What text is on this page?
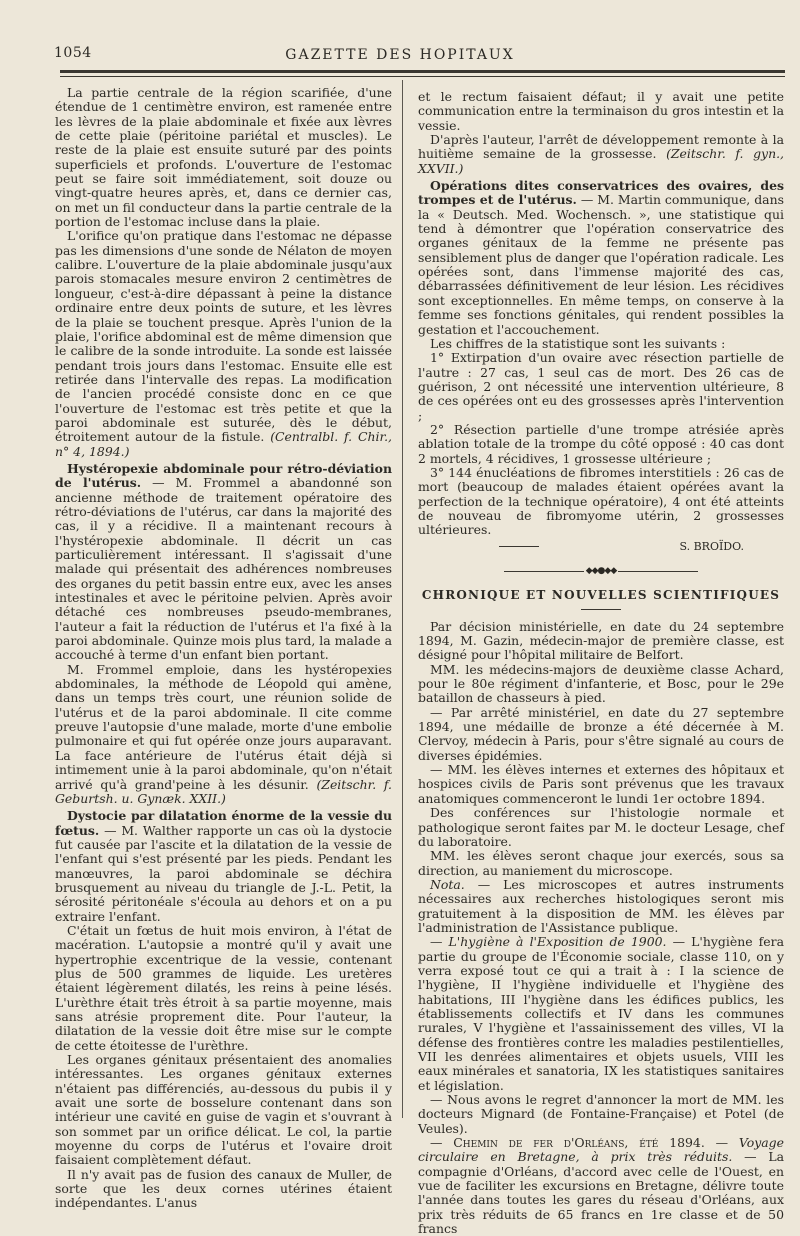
1054	GAZETTE DES HOPITAUX

La partie centrale de la région scarifiée, d'une étendue de 1 centimètre environ, est ramenée entre les lèvres de la plaie abdominale et fixée aux lèvres de cette plaie (péritoine pariétal et muscles). Le reste de la plaie est ensuite suturé par des points superficiels et profonds. L'ouverture de l'estomac peut se faire soit immédiatement, soit douze ou vingt-quatre heures après, et, dans ce dernier cas, on met un fil conducteur dans la partie centrale de la portion de l'estomac incluse dans la plaie.

L'orifice qu'on pratique dans l'estomac ne dépasse pas les dimensions d'une sonde de Nélaton de moyen calibre. L'ouverture de la plaie abdominale jusqu'aux parois stomacales mesure environ 2 centimètres de longueur, c'est-à-dire dépassant à peine la distance ordinaire entre deux points de suture, et les lèvres de la plaie se touchent presque. Après l'union de la plaie, l'orifice abdominal est de même dimension que le calibre de la sonde introduite. La sonde est laissée pendant trois jours dans l'estomac. Ensuite elle est retirée dans l'intervalle des repas. La modification de l'ancien procédé consiste donc en ce que l'ouverture de l'estomac est très petite et que la paroi abdominale est suturée, dès le début, étroitement autour de la fistule. (Centralbl. f. Chir., n° 4, 1894.)

Hystéropexie abdominale pour rétro-déviation de l'utérus. — M. Frommel a abandonné son ancienne méthode de traitement opératoire des rétro-déviations de l'utérus, car dans la majorité des cas, il y a récidive. Il a maintenant recours à l'hystéropexie abdominale. Il décrit un cas particulièrement intéressant. Il s'agissait d'une malade qui présentait des adhérences nombreuses des organes du petit bassin entre eux, avec les anses intestinales et avec le péritoine pelvien. Après avoir détaché ces nombreuses pseudo-membranes, l'auteur a fait la réduction de l'utérus et l'a fixé à la paroi abdominale. Quinze mois plus tard, la malade a accouché à terme d'un enfant bien portant.

M. Frommel emploie, dans les hystéropexies abdominales, la méthode de Léopold qui amène, dans un temps très court, une réunion solide de l'utérus et de la paroi abdominale. Il cite comme preuve l'autopsie d'une malade, morte d'une embolie pulmonaire et qui fut opérée onze jours auparavant. La face antérieure de l'utérus était déjà si intimement unie à la paroi abdominale, qu'on n'était arrivé qu'à grand'peine à les désunir. (Zeitschr. f. Geburtsh. u. Gynæk. XXII.)

Dystocie par dilatation énorme de la vessie du fœtus. — M. Walther rapporte un cas où la dystocie fut causée par l'ascite et la dilatation de la vessie de l'enfant qui s'est présenté par les pieds. Pendant les manœuvres, la paroi abdominale se déchira brusquement au niveau du triangle de J.-L. Petit, la sérosité péritonéale s'écoula au dehors et on a pu extraire l'enfant.

C'était un fœtus de huit mois environ, à l'état de macération. L'autopsie a montré qu'il y avait une hypertrophie excentrique de la vessie, contenant plus de 500 grammes de liquide. Les uretères étaient légèrement dilatés, les reins à peine lésés. L'urèthre était très étroit à sa partie moyenne, mais sans atrésie proprement dite. Pour l'auteur, la dilatation de la vessie doit être mise sur le compte de cette étoitesse de l'urèthre.

Les organes génitaux présentaient des anomalies intéressantes. Les organes génitaux externes n'étaient pas différenciés, au-dessous du pubis il y avait une sorte de bosselure contenant dans son intérieur une cavité en guise de vagin et s'ouvrant à son sommet par un orifice délicat. Le col, la partie moyenne du corps de l'utérus et l'ovaire droit faisaient complètement défaut.

Il n'y avait pas de fusion des canaux de Muller, de sorte que les deux cornes utérines étaient indépendantes. L'anus

et le rectum faisaient défaut; il y avait une petite communication entre la terminaison du gros intestin et la vessie.

D'après l'auteur, l'arrêt de développement remonte à la huitième semaine de la grossesse. (Zeitschr. f. gyn., XXVII.)

Opérations dites conservatrices des ovaires, des trompes et de l'utérus. — M. Martin communique, dans la « Deutsch. Med. Wochensch. », une statistique qui tend à démontrer que l'opération conservatrice des organes génitaux de la femme ne présente pas sensiblement plus de danger que l'opération radicale. Les opérées sont, dans l'immense majorité des cas, débarrassées définitivement de leur lésion. Les récidives sont exceptionnelles. En même temps, on conserve à la femme ses fonctions génitales, qui rendent possibles la gestation et l'accouchement.

Les chiffres de la statistique sont les suivants :

1° Extirpation d'un ovaire avec résection partielle de l'autre : 27 cas, 1 seul cas de mort. Des 26 cas de guérison, 2 ont nécessité une intervention ultérieure, 8 de ces opérées ont eu des grossesses après l'intervention ;

2° Résection partielle d'une trompe atrésiée après ablation totale de la trompe du côté opposé : 40 cas dont 2 mortels, 4 récidives, 1 grossesse ultérieure ;

3° 144 énucléations de fibromes interstitiels : 26 cas de mort (beaucoup de malades étaient opérées avant la perfection de la technique opératoire), 4 ont été atteints de nouveau de fibromyome utérin, 2 grossesses ultérieures.

S. BROÏDO.
◆◆●◆◆
CHRONIQUE ET NOUVELLES SCIENTIFIQUES

Par décision ministérielle, en date du 24 septembre 1894, M. Gazin, médecin-major de première classe, est désigné pour l'hôpital militaire de Belfort.

MM. les médecins-majors de deuxième classe Achard, pour le 80e régiment d'infanterie, et Bosc, pour le 29e bataillon de chasseurs à pied.

— Par arrêté ministériel, en date du 27 septembre 1894, une médaille de bronze a été décernée à M. Clervoy, médecin à Paris, pour s'être signalé au cours de diverses épidémies.

— MM. les élèves internes et externes des hôpitaux et hospices civils de Paris sont prévenus que les travaux anatomiques commenceront le lundi 1er octobre 1894.

Des conférences sur l'histologie normale et pathologique seront faites par M. le docteur Lesage, chef du laboratoire.

MM. les élèves seront chaque jour exercés, sous sa direction, au maniement du microscope.

Nota. — Les microscopes et autres instruments nécessaires aux recherches histologiques seront mis gratuitement à la disposition de MM. les élèves par l'administration de l'Assistance publique.

— L'hygiène à l'Exposition de 1900. — L'hygiène fera partie du groupe de l'Économie sociale, classe 110, on y verra exposé tout ce qui a trait à : I la science de l'hygiène, II l'hygiène individuelle et l'hygiène des habitations, III l'hygiène dans les édifices publics, les établissements collectifs et IV dans les communes rurales, V l'hygiène et l'assainissement des villes, VI la défense des frontières contre les maladies pestilentielles, VII les denrées alimentaires et objets usuels, VIII les eaux minérales et sanatoria, IX les statistiques sanitaires et législation.

— Nous avons le regret d'annoncer la mort de MM. les docteurs Mignard (de Fontaine-Française) et Potel (de Veules).

— Chemin de fer d'Orléans, été 1894. — Voyage circulaire en Bretagne, à prix très réduits. — La compagnie d'Orléans, d'accord avec celle de l'Ouest, en vue de faciliter les excursions en Bretagne, délivre toute l'année dans toutes les gares du réseau d'Orléans, aux prix très réduits de 65 francs en 1re classe et de 50 francs
